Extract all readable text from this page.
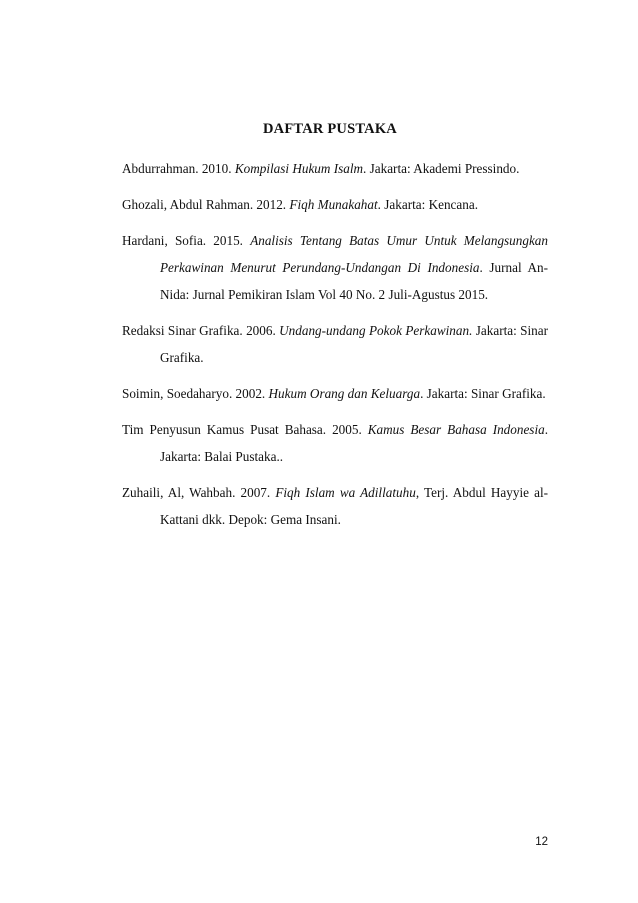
DAFTAR PUSTAKA

Abdurrahman. 2010. Kompilasi Hukum Isalm. Jakarta: Akademi Pressindo.

Ghozali, Abdul Rahman. 2012. Fiqh Munakahat. Jakarta: Kencana.

Hardani, Sofia. 2015. Analisis Tentang Batas Umur Untuk Melangsungkan Perkawinan Menurut Perundang-Undangan Di Indonesia. Jurnal An-Nida: Jurnal Pemikiran Islam Vol 40 No. 2 Juli-Agustus 2015.

Redaksi Sinar Grafika. 2006. Undang-undang Pokok Perkawinan. Jakarta: Sinar Grafika.

Soimin, Soedaharyo. 2002. Hukum Orang dan Keluarga. Jakarta: Sinar Grafika.

Tim Penyusun Kamus Pusat Bahasa. 2005. Kamus Besar Bahasa Indonesia. Jakarta: Balai Pustaka..

Zuhaili, Al, Wahbah. 2007. Fiqh Islam wa Adillatuhu, Terj. Abdul Hayyie al-Kattani dkk. Depok: Gema Insani.

12
